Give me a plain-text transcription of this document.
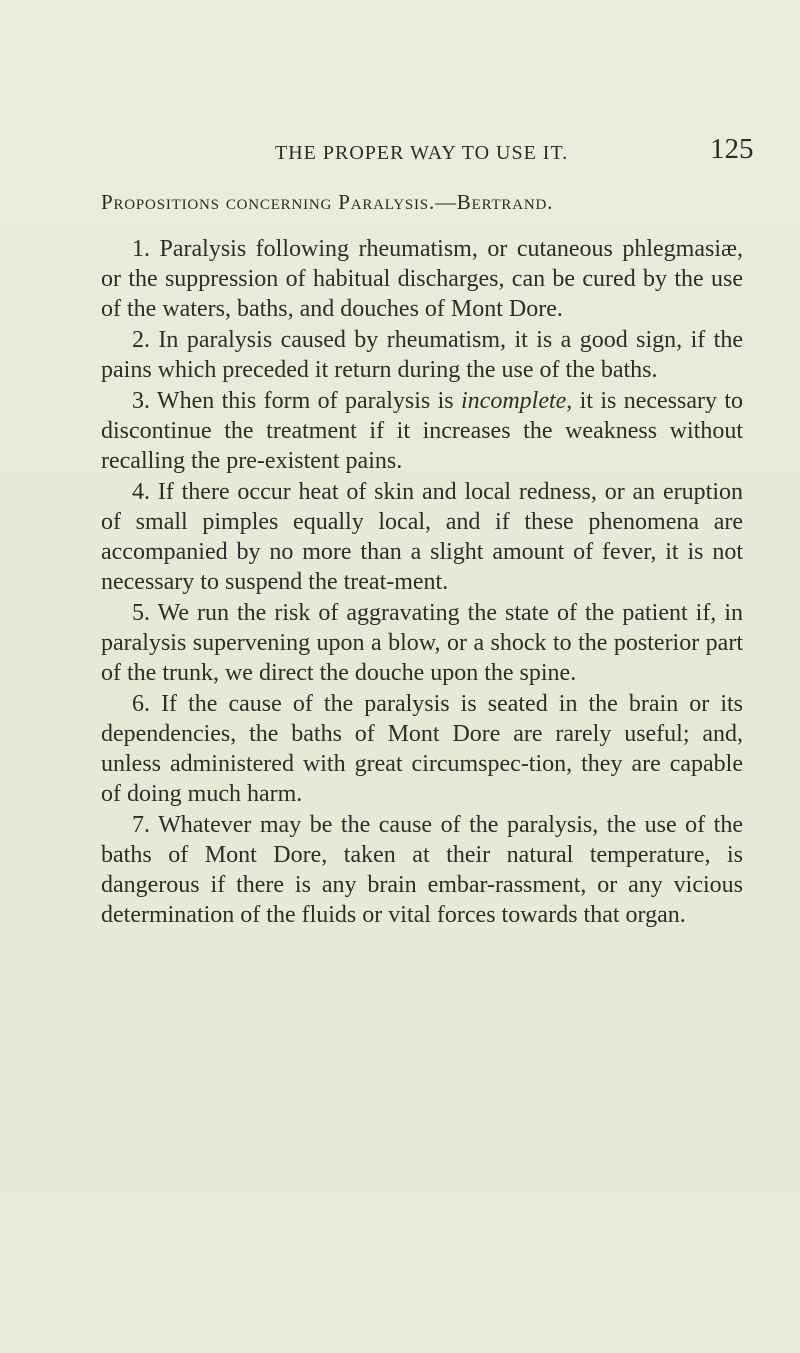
THE PROPER WAY TO USE IT.	125
Propositions concerning Paralysis.—Bertrand.

1. Paralysis following rheumatism, or cutaneous phlegmasiæ, or the suppression of habitual discharges, can be cured by the use of the waters, baths, and douches of Mont Dore.

2. In paralysis caused by rheumatism, it is a good sign, if the pains which preceded it return during the use of the baths.

3. When this form of paralysis is incomplete, it is necessary to discontinue the treatment if it increases the weakness without recalling the pre-existent pains.

4. If there occur heat of skin and local redness, or an eruption of small pimples equally local, and if these phenomena are accompanied by no more than a slight amount of fever, it is not necessary to suspend the treat-ment.

5. We run the risk of aggravating the state of the patient if, in paralysis supervening upon a blow, or a shock to the posterior part of the trunk, we direct the douche upon the spine.

6. If the cause of the paralysis is seated in the brain or its dependencies, the baths of Mont Dore are rarely useful; and, unless administered with great circumspec-tion, they are capable of doing much harm.

7. Whatever may be the cause of the paralysis, the use of the baths of Mont Dore, taken at their natural temperature, is dangerous if there is any brain embar-rassment, or any vicious determination of the fluids or vital forces towards that organ.
